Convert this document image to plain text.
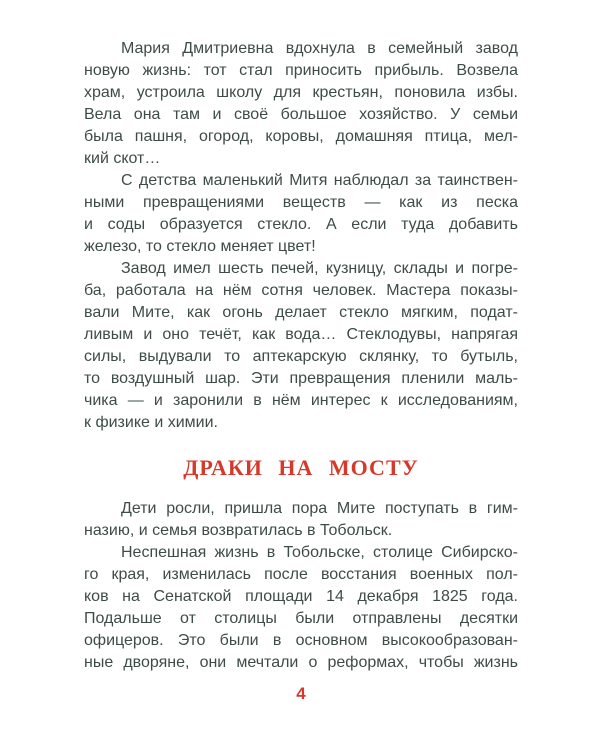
Мария Дмитриевна вдохнула в семейный завод
новую жизнь: тот стал приносить прибыль. Возвела
храм, устроила школу для крестьян, поновила избы.
Вела она там и своё большое хозяйство. У семьи
была пашня, огород, коровы, домашняя птица, мел-
кий скот…
С детства маленький Митя наблюдал за таинствен-
ными превращениями веществ — как из песка
и соды образуется стекло. А если туда добавить
железо, то стекло меняет цвет!
Завод имел шесть печей, кузницу, склады и погре-
ба, работала на нём сотня человек. Мастера показы-
вали Мите, как огонь делает стекло мягким, подат-
ливым и оно течёт, как вода… Стеклодувы, напрягая
силы, выдували то аптекарскую склянку, то бутыль,
то воздушный шар. Эти превращения пленили маль-
чика — и заронили в нём интерес к исследованиям,
к физике и химии.
ДРАКИ НА МОСТУ
Дети росли, пришла пора Мите поступать в гим-
назию, и семья возвратилась в Тобольск.
Неспешная жизнь в Тобольске, столице Сибирско-
го края, изменилась после восстания военных пол-
ков на Сенатской площади 14 декабря 1825 года.
Подальше от столицы были отправлены десятки
офицеров. Это были в основном высокообразован-
ные дворяне, они мечтали о реформах, чтобы жизнь
4
